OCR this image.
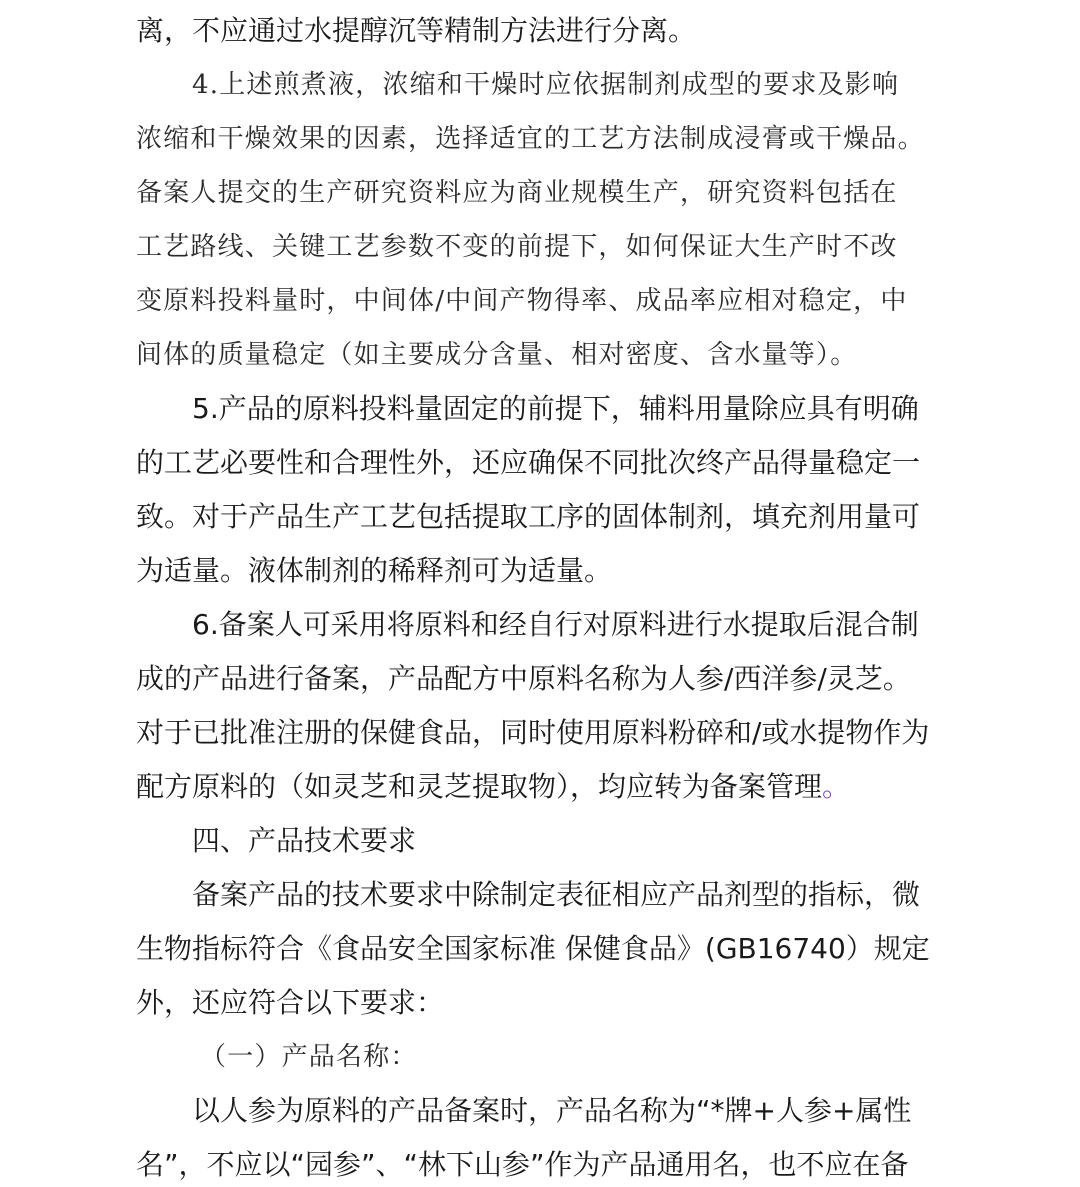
离，不应通过水提醇沉等精制方法进行分离。
4.上述煎煮液，浓缩和干燥时应依据制剂成型的要求及影响
浓缩和干燥效果的因素，选择适宜的工艺方法制成浸膏或干燥品。
备案人提交的生产研究资料应为商业规模生产，研究资料包括在
工艺路线、关键工艺参数不变的前提下，如何保证大生产时不改
变原料投料量时，中间体/中间产物得率、成品率应相对稳定，中
间体的质量稳定（如主要成分含量、相对密度、含水量等）。
5.产品的原料投料量固定的前提下，辅料用量除应具有明确
的工艺必要性和合理性外，还应确保不同批次终产品得量稳定一
致。对于产品生产工艺包括提取工序的固体制剂，填充剂用量可
为适量。液体制剂的稀释剂可为适量。
6.备案人可采用将原料和经自行对原料进行水提取后混合制
成的产品进行备案，产品配方中原料名称为人参/西洋参/灵芝。
对于已批准注册的保健食品，同时使用原料粉碎和/或水提物作为
配方原料的（如灵芝和灵芝提取物），均应转为备案管理。
四、产品技术要求
备案产品的技术要求中除制定表征相应产品剂型的指标，微
生物指标符合《食品安全国家标准 保健食品》(GB16740）规定
外，还应符合以下要求：
（一）产品名称：
以人参为原料的产品备案时，产品名称为“*牌+人参+属性
名”，不应以“园参”、“林下山参”作为产品通用名，也不应在备
